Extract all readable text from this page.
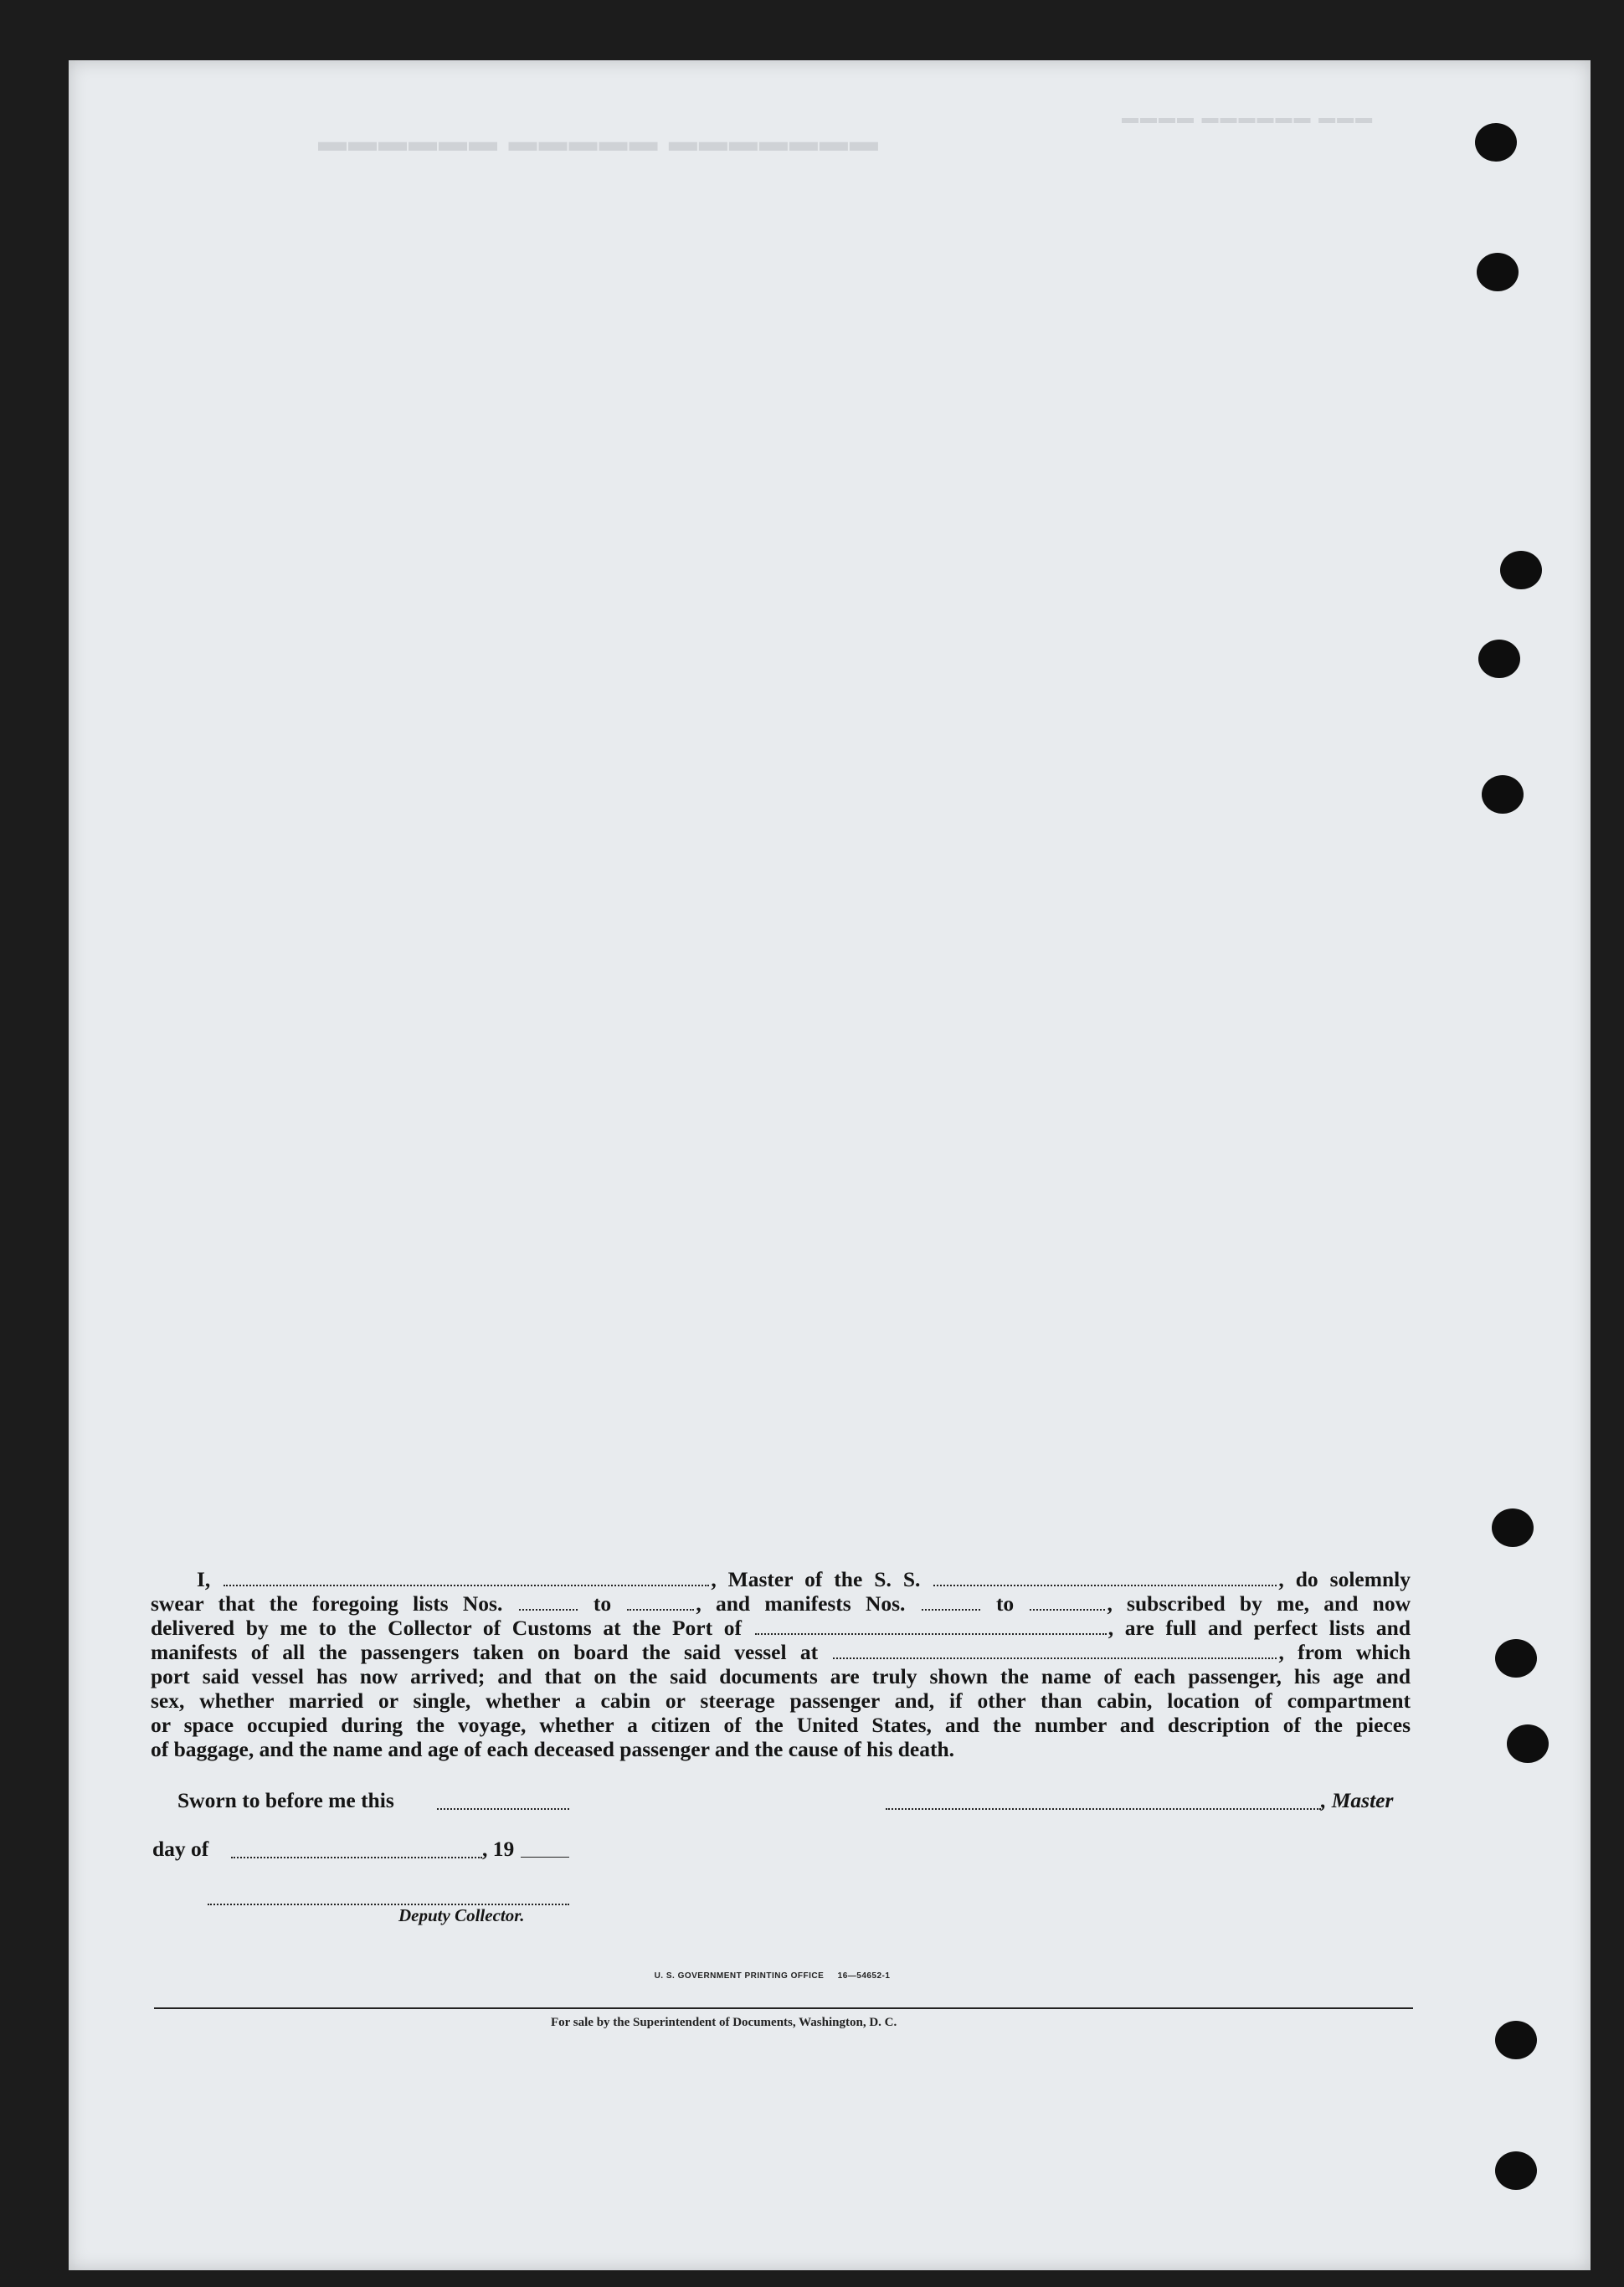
▬▬▬▬▬▬ ▬▬▬▬▬ ▬▬▬▬▬▬▬
▬▬▬▬ ▬▬▬▬▬▬ ▬▬▬
I,	, Master of the S. S.	, do solemnly
swear that the foregoing lists Nos.	to	, and manifests Nos.	to	, subscribed by me, and now
delivered by me to the Collector of Customs at the Port of	, are full and perfect lists and
manifests of all the passengers taken on board the said vessel at	, from which
port said vessel has now arrived; and that on the said documents are truly shown the name of each passenger, his age and
sex, whether married or single, whether a cabin or steerage passenger and, if other than cabin, location of compartment
or space occupied during the voyage, whether a citizen of the United States, and the number and description of the pieces
of baggage, and the name and age of each deceased passenger and the cause of his death.
Sworn to before me this	, Master
day of	, 19
Deputy Collector.

U. S. GOVERNMENT PRINTING OFFICE     16—54652-1

For sale by the Superintendent of Documents, Washington, D. C.
